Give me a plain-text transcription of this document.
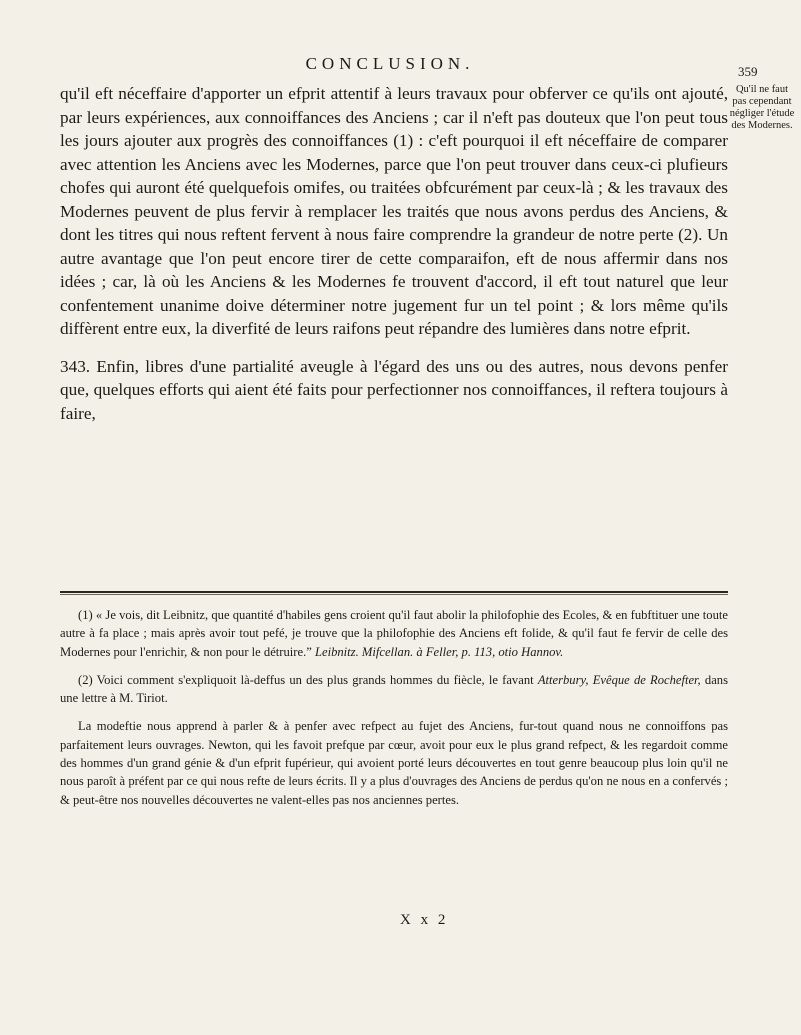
CONCLUSION.	359
Qu'il ne faut pas cependant négliger l'étude des Modernes.

qu'il eft néceffaire d'apporter un efprit attentif à leurs travaux pour obferver ce qu'ils ont ajouté, par leurs expériences, aux connoiffances des Anciens ; car il n'eft pas douteux que l'on peut tous les jours ajouter aux progrès des connoiffances (1) : c'eft pourquoi il eft néceffaire de comparer avec attention les Anciens avec les Modernes, parce que l'on peut trouver dans ceux-ci plufieurs chofes qui auront été quelquefois omifes, ou traitées obfcurément par ceux-là ; & les travaux des Modernes peuvent de plus fervir à remplacer les traités que nous avons perdus des Anciens, & dont les titres qui nous reftent fervent à nous faire comprendre la grandeur de notre perte (2). Un autre avantage que l'on peut encore tirer de cette comparaifon, eft de nous affermir dans nos idées ; car, là où les Anciens & les Modernes fe trouvent d'accord, il eft tout naturel que leur confentement unanime doive déterminer notre jugement fur un tel point ; & lors même qu'ils diffèrent entre eux, la diverfité de leurs raifons peut répandre des lumières dans notre efprit.

343. Enfin, libres d'une partialité aveugle à l'égard des uns ou des autres, nous devons penfer que, quelques efforts qui aient été faits pour perfectionner nos connoiffances, il reftera toujours à faire,

(1) « Je vois, dit Leibnitz, que quantité d'habiles gens croient qu'il faut abolir la philofophie des Ecoles, & en fubftituer une toute autre à fa place ; mais après avoir tout pefé, je trouve que la philofophie des Anciens eft folide, & qu'il faut fe fervir de celle des Modernes pour l'enrichir, & non pour le détruire.” Leibnitz. Mifcellan. à Feller, p. 113, otio Hannov.

(2) Voici comment s'expliquoit là-deffus un des plus grands hommes du fiècle, le favant Atterbury, Evêque de Rochefter, dans une lettre à M. Tiriot.

La modeftie nous apprend à parler & à penfer avec refpect au fujet des Anciens, fur-tout quand nous ne connoiffons pas parfaitement leurs ouvrages. Newton, qui les favoit prefque par cœur, avoit pour eux le plus grand refpect, & les regardoit comme des hommes d'un grand génie & d'un efprit fupérieur, qui avoient porté leurs découvertes en tout genre beaucoup plus loin qu'il ne nous paroît à préfent par ce qui nous refte de leurs écrits. Il y a plus d'ouvrages des Anciens de perdus qu'on ne nous en a confervés ; & peut-être nos nouvelles découvertes ne valent-elles pas nos anciennes pertes.

X x 2
